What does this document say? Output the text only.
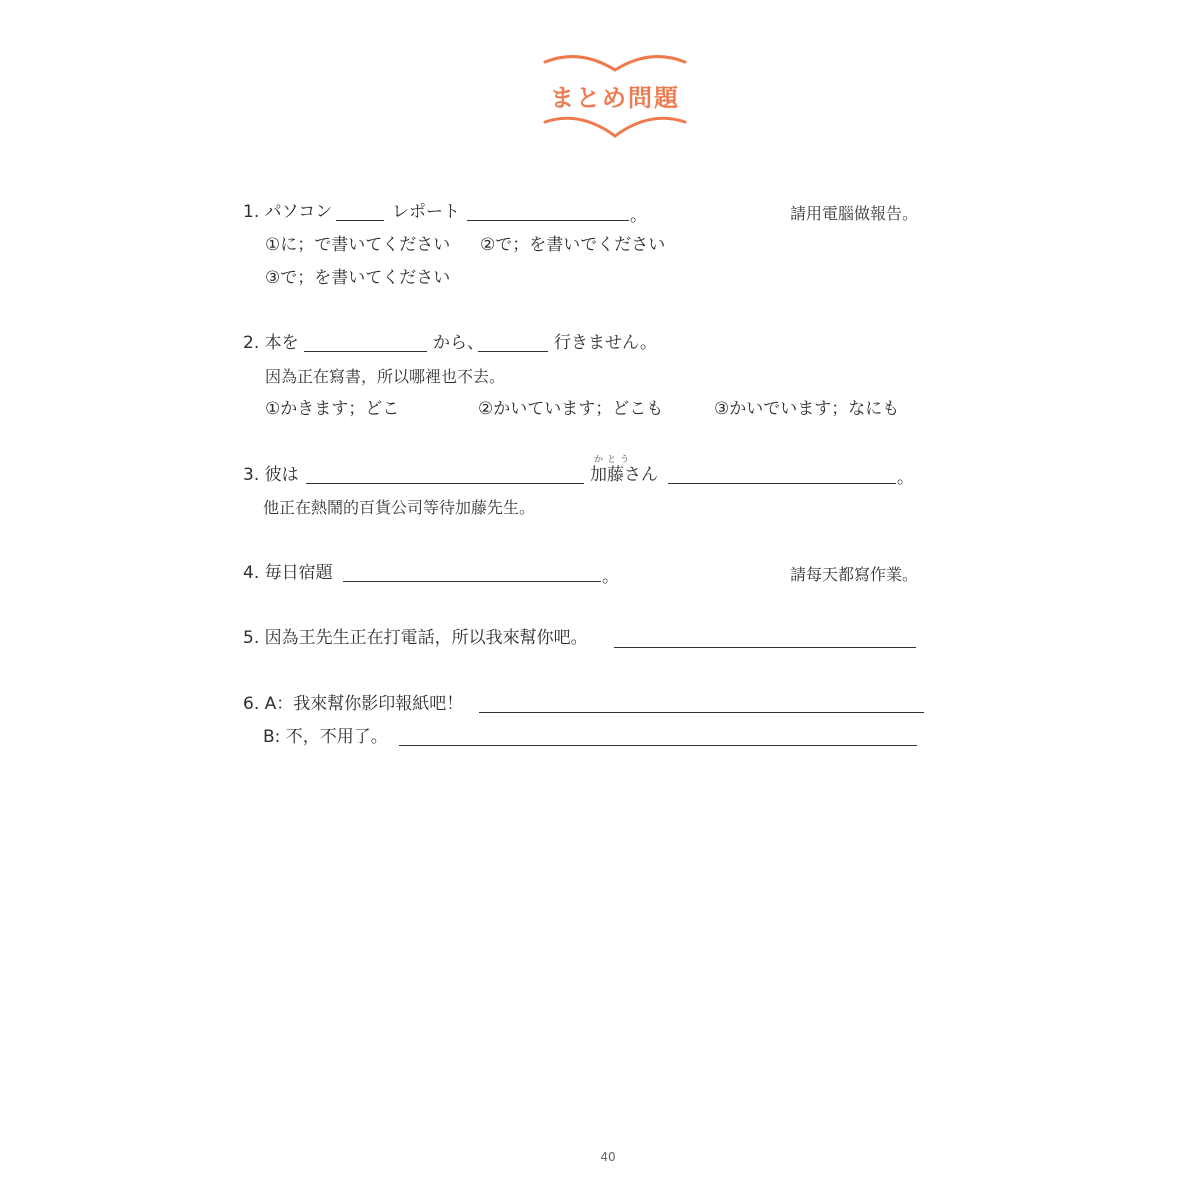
まとめ問題
1. パソコン	レポート	。	請用電腦做報告。
①に；で書いてください ②で；を書いでください
③で；を書いてください
2. 本を	から、	行きません。
因為正在寫書，所以哪裡也不去。
①かきます；どこ	②かいています；どこも	③かいでいます；なにも
3. 彼は
かとう
加藤さん	。
他正在熱鬧的百貨公司等待加藤先生。
4. 毎日宿題	。	請每天都寫作業。
5. 因為王先生正在打電話，所以我來幫你吧。
6. A：我來幫你影印報紙吧！
B: 不，不用了。
40
